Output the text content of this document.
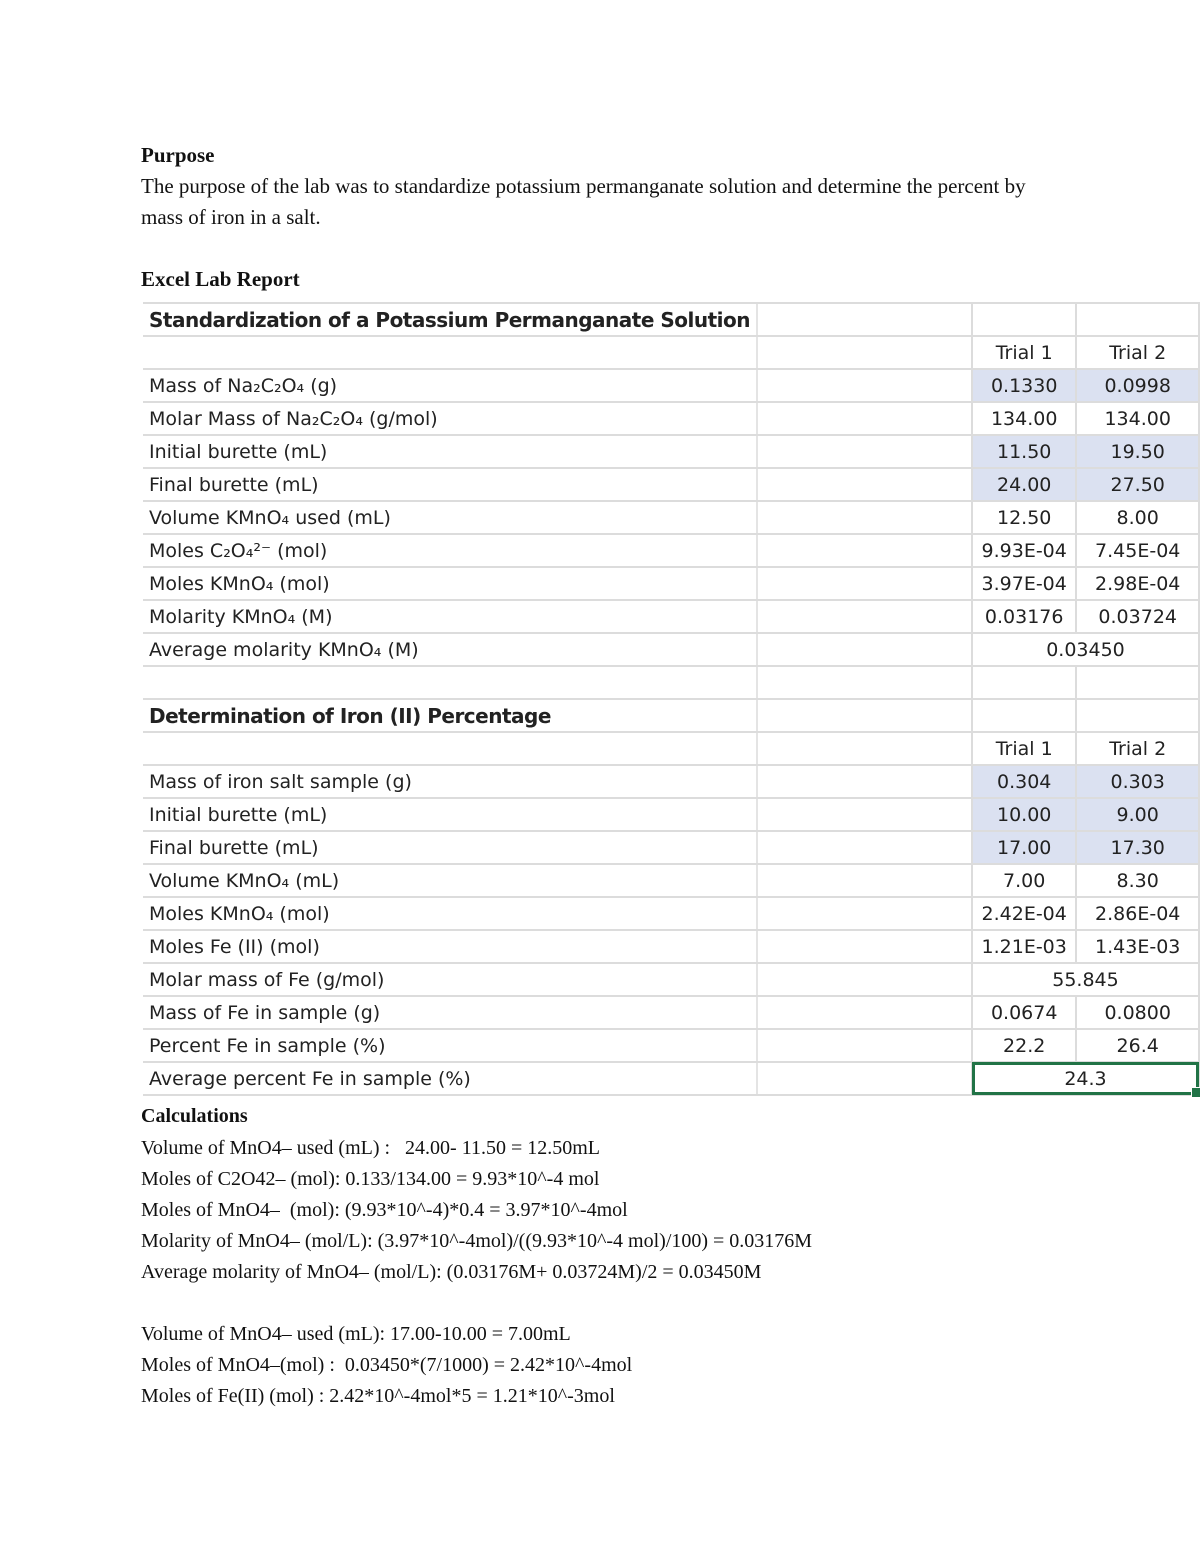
Purpose
The purpose of the lab was to standardize potassium permanganate solution and determine the percent by mass of iron in a salt.
Excel Lab Report
Standardization of a Potassium Permanganate Solution			
		Trial 1	Trial 2
Mass of Na₂C₂O₄ (g)		0.1330	0.0998
Molar Mass of Na₂C₂O₄ (g/mol)		134.00	134.00
Initial burette (mL)		11.50	19.50
Final burette (mL)		24.00	27.50
Volume KMnO₄ used (mL)		12.50	8.00
Moles C₂O₄²⁻ (mol)		9.93E-04	7.45E-04
Moles KMnO₄ (mol)		3.97E-04	2.98E-04
Molarity KMnO₄ (M)		0.03176	0.03724
Average molarity KMnO₄ (M)		0.03450	

Determination of Iron (II) Percentage			
		Trial 1	Trial 2
Mass of iron salt sample (g)		0.304	0.303
Initial burette (mL)		10.00	9.00
Final burette (mL)		17.00	17.30
Volume KMnO₄ (mL)		7.00	8.30
Moles KMnO₄ (mol)		2.42E-04	2.86E-04
Moles Fe (II) (mol)		1.21E-03	1.43E-03
Molar mass of Fe (g/mol)		55.845	
Mass of Fe in sample (g)		0.0674	0.0800
Percent Fe in sample (%)		22.2	26.4
Average percent Fe in sample (%)		24.3	
Calculations
Volume of MnO4– used (mL) :   24.00- 11.50 = 12.50mL
Moles of C2O42– (mol): 0.133/134.00 = 9.93*10^-4 mol
Moles of MnO4–  (mol): (9.93*10^-4)*0.4 = 3.97*10^-4mol
Molarity of MnO4– (mol/L): (3.97*10^-4mol)/((9.93*10^-4 mol)/100) = 0.03176M
Average molarity of MnO4– (mol/L): (0.03176M+ 0.03724M)/2 = 0.03450M
Volume of MnO4– used (mL): 17.00-10.00 = 7.00mL
Moles of MnO4–(mol) :  0.03450*(7/1000) = 2.42*10^-4mol
Moles of Fe(II) (mol) : 2.42*10^-4mol*5 = 1.21*10^-3mol
